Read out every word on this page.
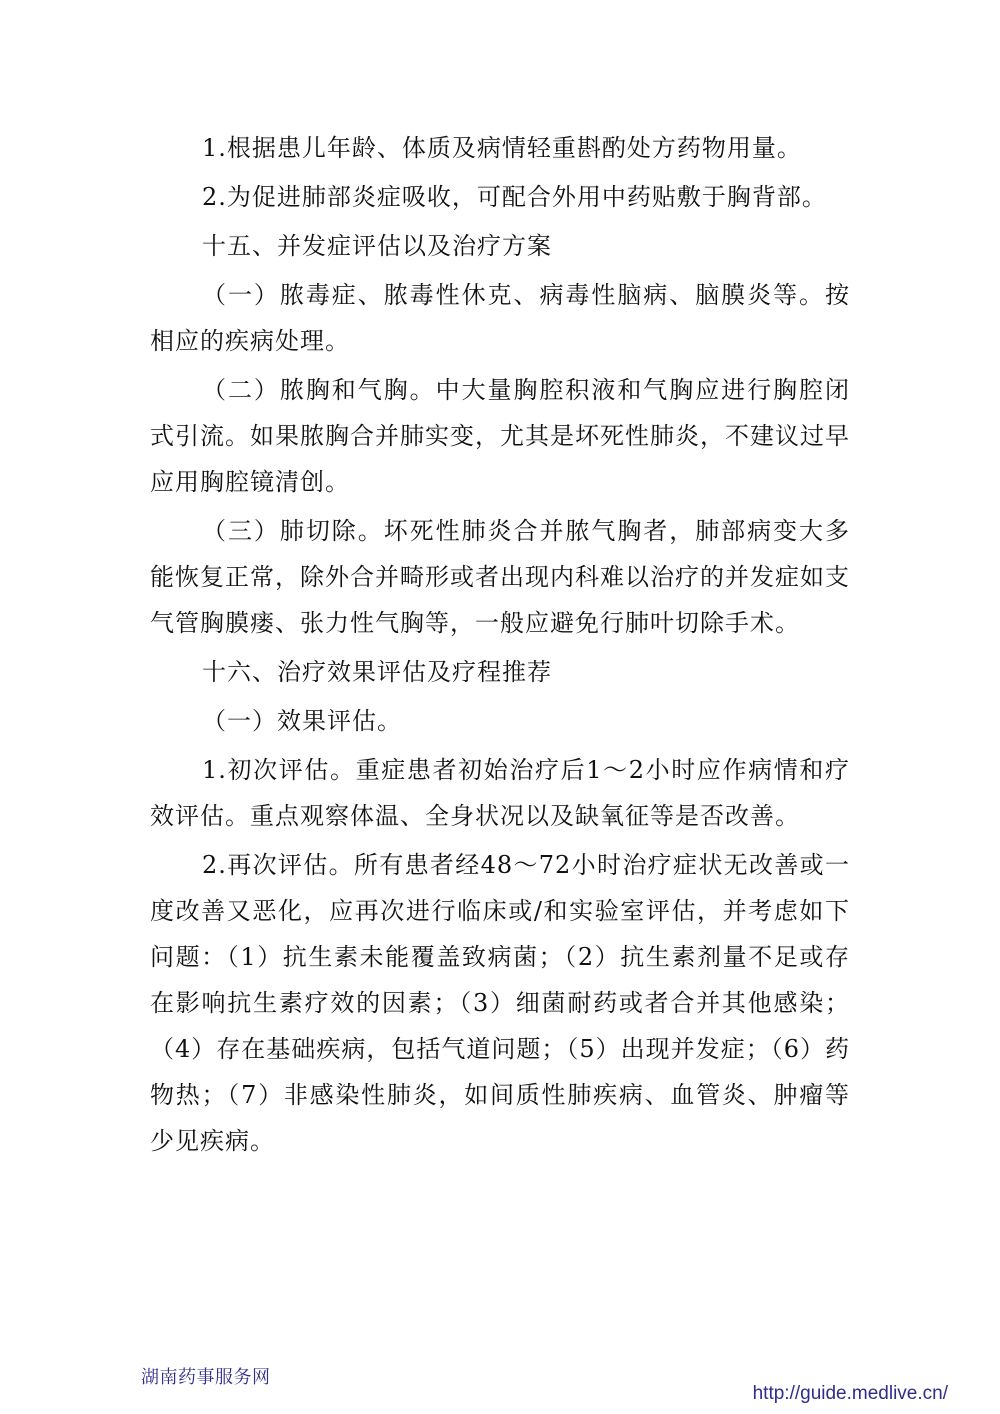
1.根据患儿年龄、体质及病情轻重斟酌处方药物用量。

2.为促进肺部炎症吸收，可配合外用中药贴敷于胸背部。

十五、并发症评估以及治疗方案

（一）脓毒症、脓毒性休克、病毒性脑病、脑膜炎等。按相应的疾病处理。

（二）脓胸和气胸。中大量胸腔积液和气胸应进行胸腔闭式引流。如果脓胸合并肺实变，尤其是坏死性肺炎，不建议过早应用胸腔镜清创。

（三）肺切除。坏死性肺炎合并脓气胸者，肺部病变大多能恢复正常，除外合并畸形或者出现内科难以治疗的并发症如支气管胸膜瘘、张力性气胸等，一般应避免行肺叶切除手术。

十六、治疗效果评估及疗程推荐

（一）效果评估。

1.初次评估。重症患者初始治疗后1～2小时应作病情和疗效评估。重点观察体温、全身状况以及缺氧征等是否改善。

2.再次评估。所有患者经48～72小时治疗症状无改善或一度改善又恶化，应再次进行临床或/和实验室评估，并考虑如下问题：（1）抗生素未能覆盖致病菌；（2）抗生素剂量不足或存在影响抗生素疗效的因素；（3）细菌耐药或者合并其他感染；（4）存在基础疾病，包括气道问题；（5）出现并发症；（6）药物热；（7）非感染性肺炎，如间质性肺疾病、血管炎、肿瘤等少见疾病。

湖南药事服务网
http://guide.medlive.cn/
